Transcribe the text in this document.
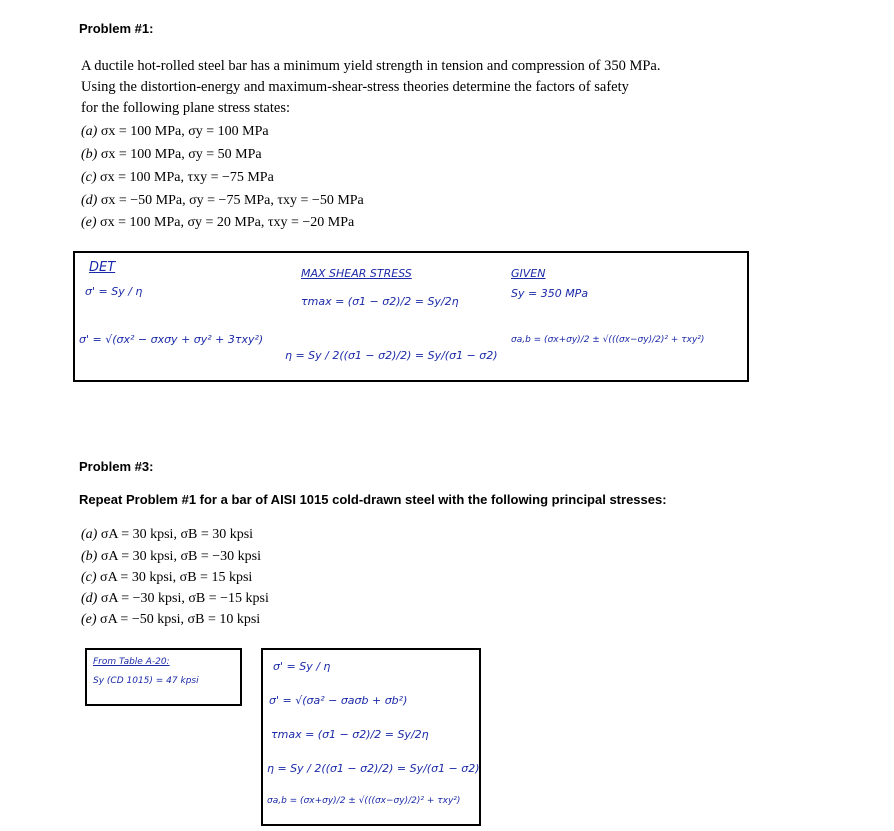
Problem #1:
A ductile hot-rolled steel bar has a minimum yield strength in tension and compression of 350 MPa.
Using the distortion-energy and maximum-shear-stress theories determine the factors of safety
for the following plane stress states:
(a) σx = 100 MPa, σy = 100 MPa
(b) σx = 100 MPa, σy = 50 MPa
(c) σx = 100 MPa, τxy = −75 MPa
(d) σx = −50 MPa, σy = −75 MPa, τxy = −50 MPa
(e) σx = 100 MPa, σy = 20 MPa, τxy = −20 MPa
DET
σ' = Sy / η
σ' = √(σx² − σxσy + σy² + 3τxy²)
MAX SHEAR STRESS
τmax = (σ1 − σ2)/2 = Sy/2η
η = Sy / 2((σ1 − σ2)/2) = Sy/(σ1 − σ2)
GIVEN
Sy = 350 MPa
σa,b = (σx+σy)/2 ± √(((σx−σy)/2)² + τxy²)
Problem #3:
Repeat Problem #1 for a bar of AISI 1015 cold-drawn steel with the following principal stresses:
(a) σA = 30 kpsi, σB = 30 kpsi
(b) σA = 30 kpsi, σB = −30 kpsi
(c) σA = 30 kpsi, σB = 15 kpsi
(d) σA = −30 kpsi, σB = −15 kpsi
(e) σA = −50 kpsi, σB = 10 kpsi
From Table A-20:
Sy (CD 1015) = 47 kpsi
σ' = Sy / η
σ' = √(σa² − σaσb + σb²)
τmax = (σ1 − σ2)/2 = Sy/2η
η = Sy / 2((σ1 − σ2)/2) = Sy/(σ1 − σ2)
σa,b = (σx+σy)/2 ± √(((σx−σy)/2)² + τxy²)
